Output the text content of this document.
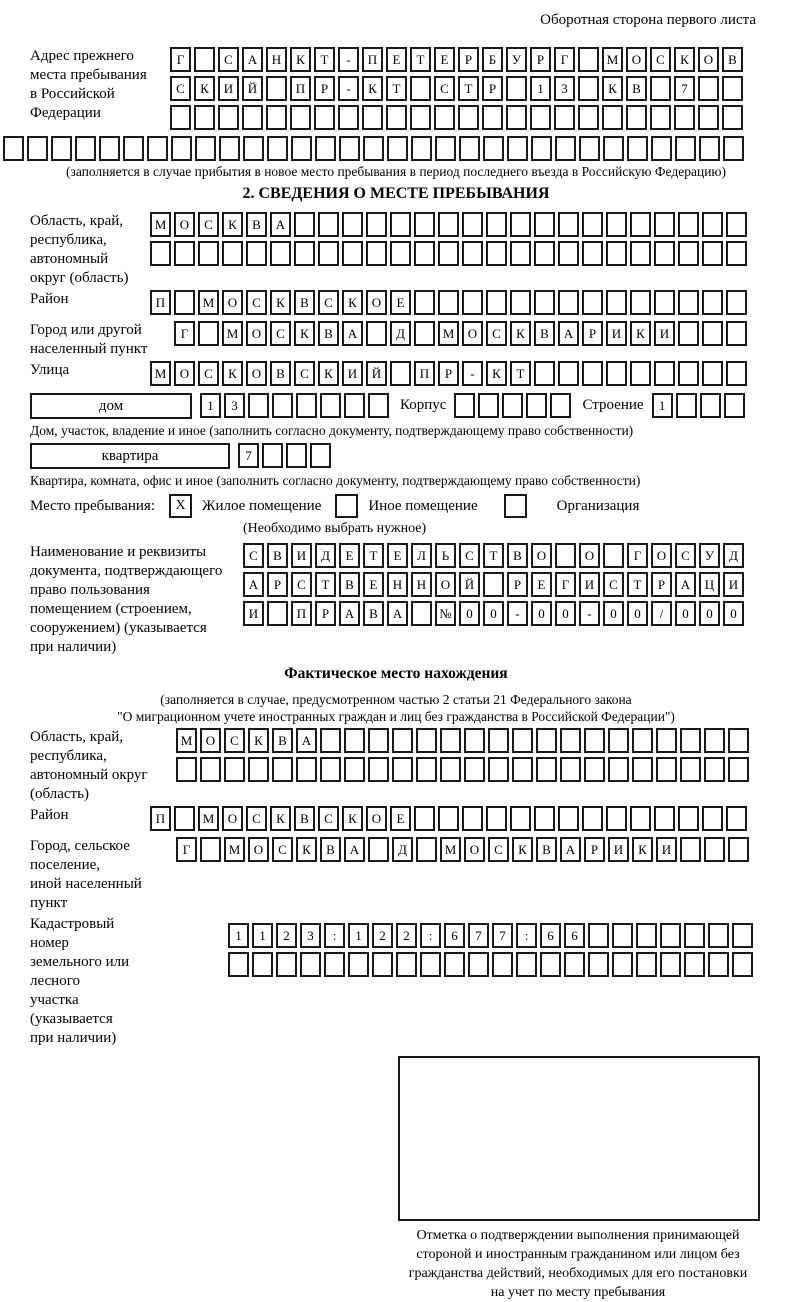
Оборотная сторона первого листа
Адрес прежнего
места пребывания
в Российской
Федерации
Г	С А Н К Т - П Е Т Е Р Б У Р Г	М О С К О В
С К И Й	П Р - К Т	С Т Р	1 3	К В	7
(заполняется в случае прибытия в новое место пребывания в период последнего въезда в Российскую Федерацию)
2. СВЕДЕНИЯ О МЕСТЕ ПРЕБЫВАНИЯ
Область, край,
республика,
автономный
округ (область)
М О С К В А
Район	П	М О С К В С К О Е
Город или другой
населенный пункт
Г	М О С К В А	Д	М О С К В А Р И К И
Улица	М О С К О В С К И Й	П Р - К Т
дом	1 3	Корпус	Строение	1
Дом, участок, владение и иное (заполнить согласно документу, подтверждающему право собственности)
квартира	7
Квартира, комната, офис и иное (заполнить согласно документу, подтверждающему право собственности)
Место пребывания:	X	Жилое помещение	Иное помещение	Организация
(Необходимо выбрать нужное)
Наименование и реквизиты
документа, подтверждающего
право пользования
помещением (строением,
сооружением) (указывается
при наличии)
С В И Д Е Т Е Л Ь С Т В О	О	Г О С У Д
А Р С Т В Е Н Н О Й	Р Е Г И С Т Р А Ц И
И	П Р А В А	№ 0 0 - 0 0 - 0 0 / 0 0 0
Фактическое место нахождения
(заполняется в случае, предусмотренном частью 2 статьи 21 Федерального закона
"О миграционном учете иностранных граждан и лиц без гражданства в Российской Федерации")
Область, край,
республика,
автономный округ
(область)
М О С К В А
Район	П	М О С К В С К О Е
Город, сельское поселение,
иной населенный пункт
Г	М О С К В А	Д	М О С К В А Р И К И
Кадастровый номер
земельного или лесного
участка (указывается
при наличии)
1 1 2 3 : 1 2 2 : 6 7 7 : 6 6
Отметка о подтверждении выполнения принимающей
стороной и иностранным гражданином или лицом без
гражданства действий, необходимых для его постановки
на учет по месту пребывания
